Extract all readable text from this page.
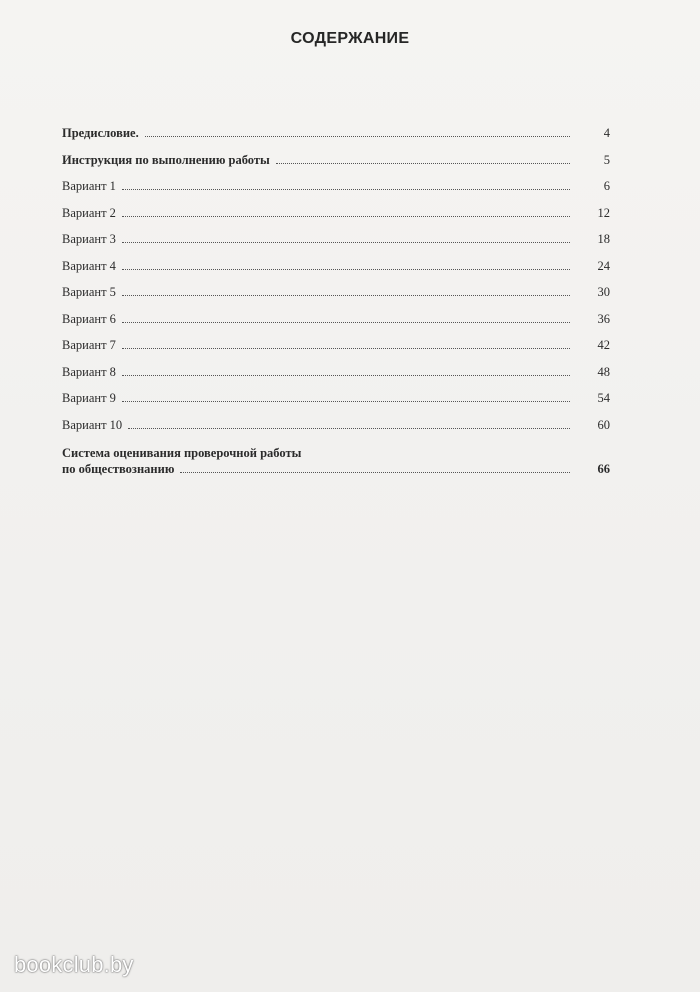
СОДЕРЖАНИЕ
Предисловие.	4
Инструкция по выполнению работы	5
Вариант 1	6
Вариант 2	12
Вариант 3	18
Вариант 4	24
Вариант 5	30
Вариант 6	36
Вариант 7	42
Вариант 8	48
Вариант 9	54
Вариант 10	60
Система оценивания проверочной работы
по обществознанию	66
bookclub.by
